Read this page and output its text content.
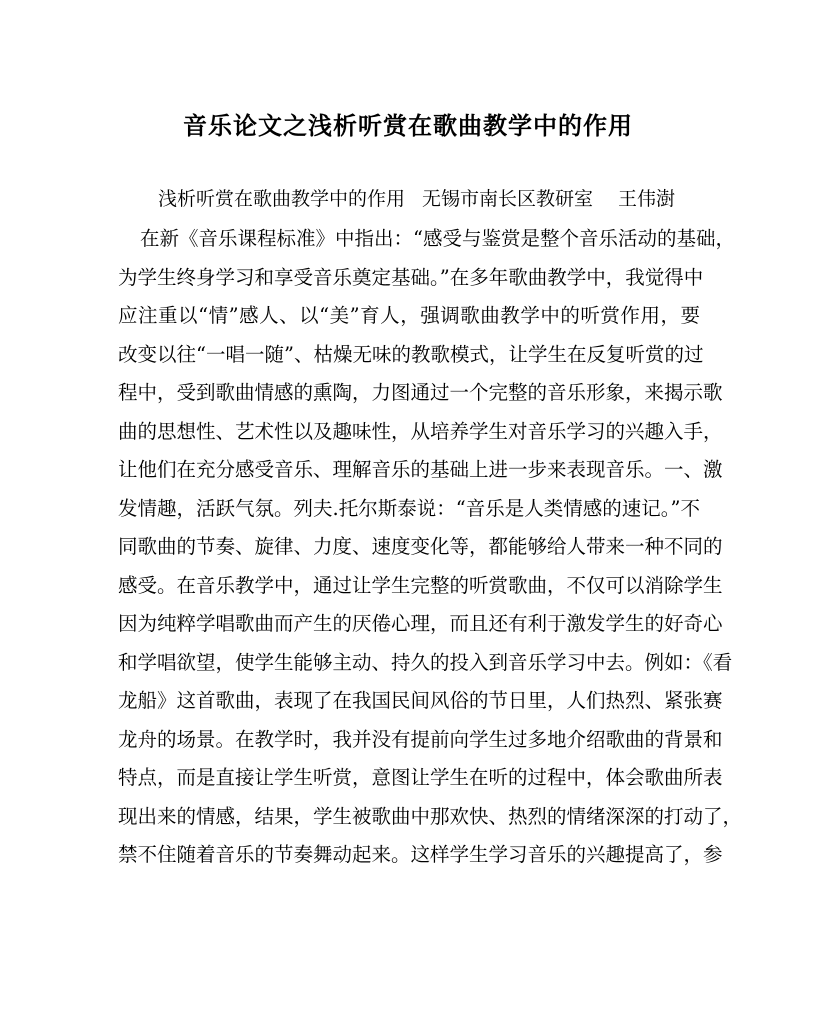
音乐论文之浅析听赏在歌曲教学中的作用
浅析听赏在歌曲教学中的作用 无锡市南长区教研室	王伟澍
在新《音乐课程标准》中指出：“感受与鉴赏是整个音乐活动的基础，
为学生终身学习和享受音乐奠定基础。”在多年歌曲教学中，我觉得中
应注重以“情”感人、以“美”育人，强调歌曲教学中的听赏作用，要
改变以往“一唱一随”、枯燥无味的教歌模式，让学生在反复听赏的过
程中，受到歌曲情感的熏陶，力图通过一个完整的音乐形象，来揭示歌
曲的思想性、艺术性以及趣味性，从培养学生对音乐学习的兴趣入手，
让他们在充分感受音乐、理解音乐的基础上进一步来表现音乐。一、激
发情趣，活跃气氛。列夫.托尔斯泰说：“音乐是人类情感的速记。”不
同歌曲的节奏、旋律、力度、速度变化等，都能够给人带来一种不同的
感受。在音乐教学中，通过让学生完整的听赏歌曲，不仅可以消除学生
因为纯粹学唱歌曲而产生的厌倦心理，而且还有利于激发学生的好奇心
和学唱欲望，使学生能够主动、持久的投入到音乐学习中去。例如：《看
龙船》这首歌曲，表现了在我国民间风俗的节日里，人们热烈、紧张赛
龙舟的场景。在教学时，我并没有提前向学生过多地介绍歌曲的背景和
特点，而是直接让学生听赏，意图让学生在听的过程中，体会歌曲所表
现出来的情感，结果，学生被歌曲中那欢快、热烈的情绪深深的打动了，
禁不住随着音乐的节奏舞动起来。这样学生学习音乐的兴趣提高了，参
